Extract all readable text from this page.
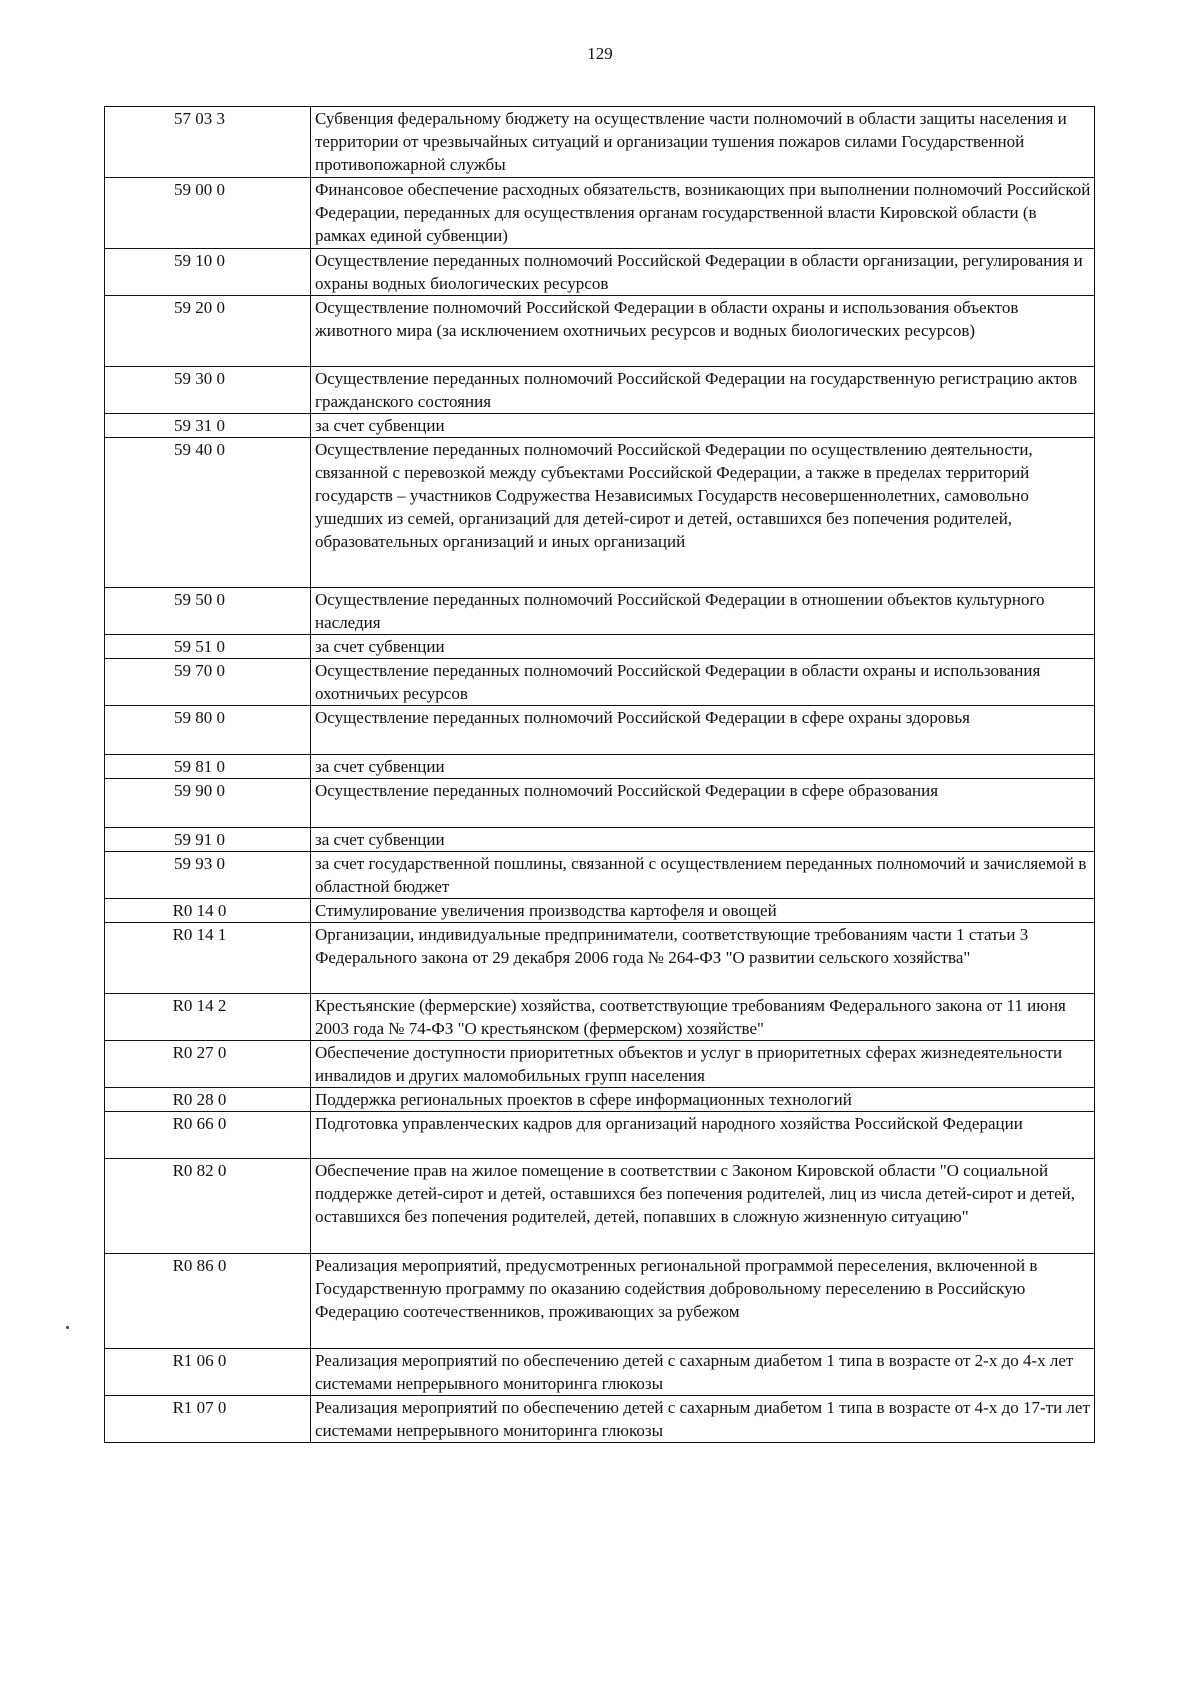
129
57 03 3	Субвенция федеральному бюджету на осуществление части полномочий в области защиты населения и территории от чрезвычайных ситуаций и организации тушения пожаров силами Государственной противопожарной службы
59 00 0	Финансовое обеспечение расходных обязательств, возникающих при выполнении полномочий Российской Федерации, переданных для осуществления органам государственной власти Кировской области (в рамках единой субвенции)
59 10 0	Осуществление переданных полномочий Российской Федерации в области организации, регулирования и охраны водных биологических ресурсов
59 20 0	Осуществление полномочий Российской Федерации в области охраны и использования объектов животного мира (за исключением охотничьих ресурсов и водных биологических ресурсов)
59 30 0	Осуществление переданных полномочий Российской Федерации на государственную регистрацию актов гражданского состояния
59 31 0	за счет субвенции
59 40 0	Осуществление переданных полномочий Российской Федерации по осуществлению деятельности, связанной с перевозкой между субъектами Российской Федерации, а также в пределах территорий государств – участников Содружества Независимых Государств несовершеннолетних, самовольно ушедших из семей, организаций для детей-сирот и детей, оставшихся без попечения родителей, образовательных организаций и иных организаций
59 50 0	Осуществление переданных полномочий Российской Федерации в отношении объектов культурного наследия
59 51 0	за счет субвенции
59 70 0	Осуществление переданных полномочий Российской Федерации в области охраны и использования охотничьих ресурсов
59 80 0	Осуществление переданных полномочий Российской Федерации в сфере охраны здоровья
59 81 0	за счет субвенции
59 90 0	Осуществление переданных полномочий Российской Федерации в сфере образования
59 91 0	за счет субвенции
59 93 0	за счет государственной пошлины, связанной с осуществлением переданных полномочий и зачисляемой в областной бюджет
R0 14 0	Стимулирование увеличения производства картофеля и овощей
R0 14 1	Организации, индивидуальные предприниматели, соответствующие требованиям части 1 статьи 3 Федерального закона от 29 декабря 2006 года № 264-ФЗ "О развитии сельского хозяйства"
R0 14 2	Крестьянские (фермерские) хозяйства, соответствующие требованиям Федерального закона от 11 июня 2003 года № 74-ФЗ "О крестьянском (фермерском) хозяйстве"
R0 27 0	Обеспечение доступности приоритетных объектов и услуг в приоритетных сферах жизнедеятельности инвалидов и других маломобильных групп населения
R0 28 0	Поддержка региональных проектов в сфере информационных технологий
R0 66 0	Подготовка управленческих кадров для организаций народного хозяйства Российской Федерации
R0 82 0	Обеспечение прав на жилое помещение в соответствии с Законом Кировской области "О социальной поддержке детей-сирот и детей, оставшихся без попечения родителей, лиц из числа детей-сирот и детей, оставшихся без попечения родителей, детей, попавших в сложную жизненную ситуацию"
R0 86 0	Реализация мероприятий, предусмотренных региональной программой переселения, включенной в Государственную программу по оказанию содействия добровольному переселению в Российскую Федерацию соотечественников, проживающих за рубежом
R1 06 0	Реализация мероприятий по обеспечению детей с сахарным диабетом 1 типа в возрасте от 2-х до 4-х лет системами непрерывного мониторинга глюкозы
R1 07 0	Реализация мероприятий по обеспечению детей с сахарным диабетом 1 типа в возрасте от 4-х до 17-ти лет системами непрерывного мониторинга глюкозы
